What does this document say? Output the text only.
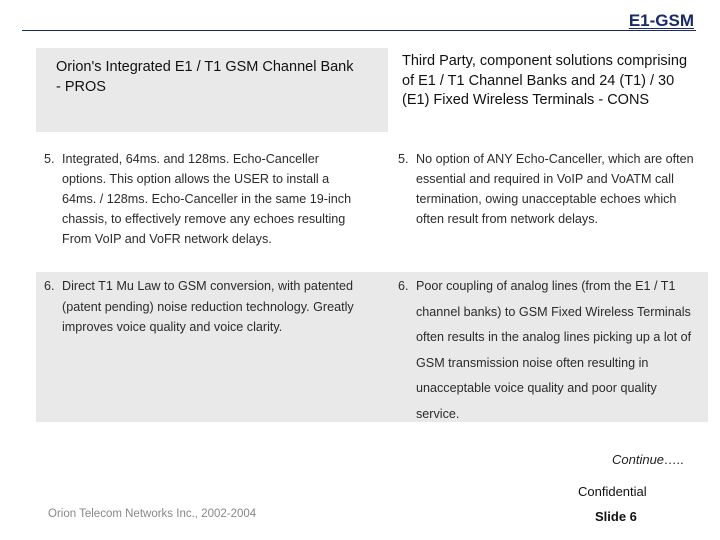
E1-GSM
Orion's Integrated E1 / T1 GSM Channel Bank - PROS
Third Party, component solutions comprising of E1 / T1 Channel Banks and 24 (T1) / 30 (E1) Fixed Wireless Terminals - CONS
5. Integrated, 64ms. and 128ms. Echo-Canceller options. This option allows the USER to install a 64ms. / 128ms. Echo-Canceller in the same 19-inch chassis, to effectively remove any echoes resulting From VoIP and VoFR network delays.
5. No option of ANY Echo-Canceller, which are often essential and required in VoIP and VoATM call termination, owing unacceptable echoes which often result from network delays.
6. Direct T1 Mu Law to GSM conversion, with patented (patent pending) noise reduction technology. Greatly improves voice quality and voice clarity.
6. Poor coupling of analog lines (from the E1 / T1 channel banks) to GSM Fixed Wireless Terminals often results in the analog lines picking up a lot of GSM transmission noise often resulting in unacceptable voice quality and poor quality service.
Continue…..
Confidential
Orion Telecom Networks Inc., 2002-2004	Slide 6
